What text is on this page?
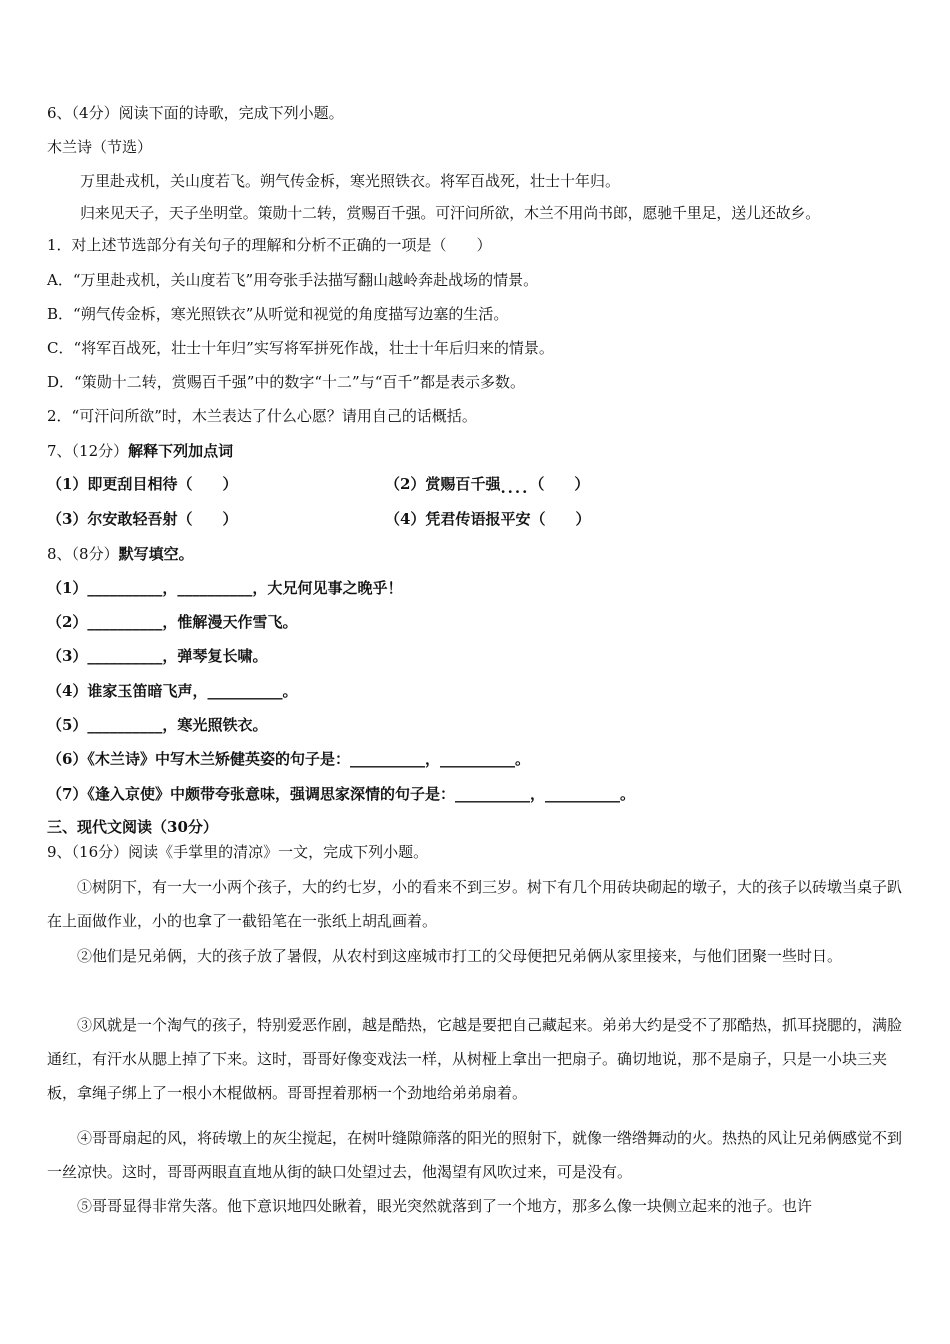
6、（4分）阅读下面的诗歌，完成下列小题。
木兰诗（节选）
万里赴戎机，关山度若飞。朔气传金柝，寒光照铁衣。将军百战死，壮士十年归。
归来见天子，天子坐明堂。策勋十二转，赏赐百千强。可汗问所欲，木兰不用尚书郎，愿驰千里足，送儿还故乡。
1．对上述节选部分有关句子的理解和分析不正确的一项是（　　）
A．“万里赴戎机，关山度若飞”用夸张手法描写翻山越岭奔赴战场的情景。
B．“朔气传金柝，寒光照铁衣”从听觉和视觉的角度描写边塞的生活。
C．“将军百战死，壮士十年归”实写将军拼死作战，壮士十年后归来的情景。
D．“策勋十二转，赏赐百千强”中的数字“十二”与“百千”都是表示多数。
2．“可汗问所欲”时，木兰表达了什么心愿？请用自己的话概括。
7、（12分）解释下列加点词
（1）即更刮目相待（　　）	（2）赏赐百千强....（　　）
（3）尔安敢轻吾射（　　）	（4）凭君传语报平安（　　）
8、（8分）默写填空。
（1）__________，__________，大兄何见事之晚乎！
（2）__________，惟解漫天作雪飞。
（3）__________，弹琴复长啸。
（4）谁家玉笛暗飞声，__________。
（5）__________，寒光照铁衣。
（6）《木兰诗》中写木兰矫健英姿的句子是：__________，__________。
（7）《逢入京使》中颇带夸张意味，强调思家深情的句子是：__________，__________。
三、现代文阅读（30分）
9、（16分）阅读《手掌里的清凉》一文，完成下列小题。
①树阴下，有一大一小两个孩子，大的约七岁，小的看来不到三岁。树下有几个用砖块砌起的墩子，大的孩子以砖墩当桌子趴在上面做作业，小的也拿了一截铅笔在一张纸上胡乱画着。
②他们是兄弟俩，大的孩子放了暑假，从农村到这座城市打工的父母便把兄弟俩从家里接来，与他们团聚一些时日。
③风就是一个淘气的孩子，特别爱恶作剧，越是酷热，它越是要把自己藏起来。弟弟大约是受不了那酷热，抓耳挠腮的，满脸通红，有汗水从腮上掉了下来。这时，哥哥好像变戏法一样，从树桠上拿出一把扇子。确切地说，那不是扇子，只是一小块三夹板，拿绳子绑上了一根小木棍做柄。哥哥捏着那柄一个劲地给弟弟扇着。
④哥哥扇起的风，将砖墩上的灰尘搅起，在树叶缝隙筛落的阳光的照射下，就像一绺绺舞动的火。热热的风让兄弟俩感觉不到一丝凉快。这时，哥哥两眼直直地从街的缺口处望过去，他渴望有风吹过来，可是没有。
⑤哥哥显得非常失落。他下意识地四处瞅着，眼光突然就落到了一个地方，那多么像一块侧立起来的池子。也许
